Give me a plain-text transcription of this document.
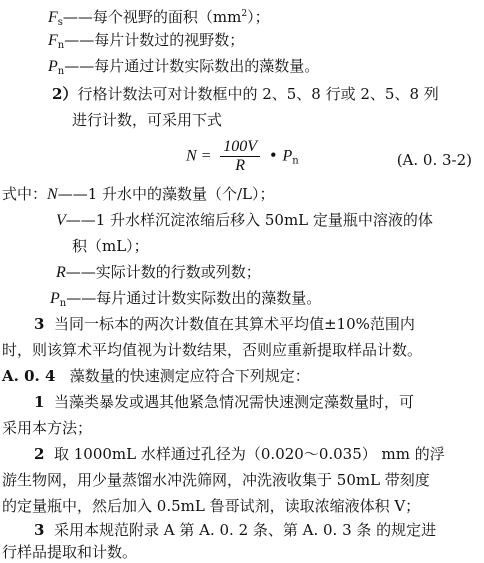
$F_s——$每个视野的面积$(mm^2)$；
$F_n——$每片计数过的视野数；
$P_n——$每片通过计数实际数出的藻数量。
2）行格计数法可对计数框中的 2、5、8 行或 2、5、8 列
进行计数，可采用下式
$N = \frac{100V}{R}$ • $P_n$	(A. 0. 3-2)
式中：N——1 升水中的藻数量（个/L）；
V——1 升水样沉淀浓缩后移入 50mL 定量瓶中溶液的体
积（mL）；
R——实际计数的行数或列数；
$P_n——$每片通过计数实际数出的藻数量。
3 当同一标本的两次计数值在其算术平均值±10%范围内
时，则该算术平均值视为计数结果，否则应重新提取样品计数。
A. 0. 4 藻数量的快速测定应符合下列规定：
1 当藻类暴发或遇其他紧急情况需快速测定藻数量时，可
采用本方法；
2 取 1000mL 水样通过孔径为（0.020～0.035） mm 的浮
游生物网，用少量蒸馏水冲洗筛网，冲洗液收集于 50mL 带刻度
的定量瓶中，然后加入 0.5mL 鲁哥试剂，读取浓缩液体积 V；
3 采用本规范附录 A 第 A. 0. 2 条、第 A. 0. 3 条 的规定进
行样品提取和计数。
